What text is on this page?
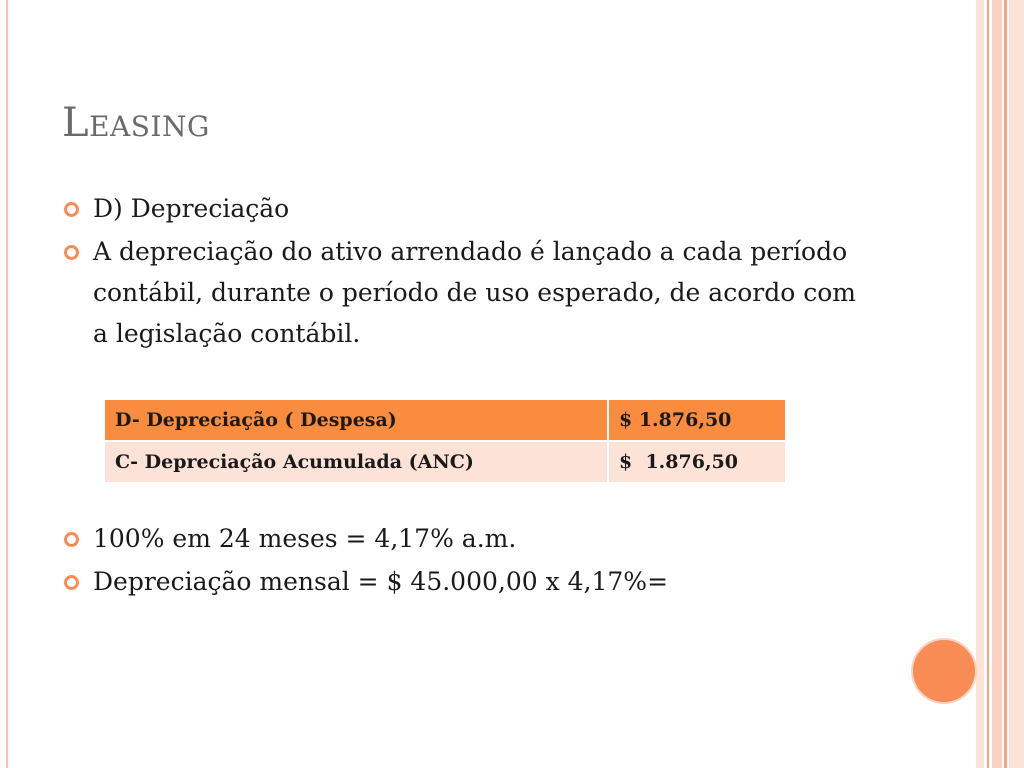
Leasing
D) Depreciação
A depreciação do ativo arrendado é lançado a cada período contábil, durante o período de uso esperado, de acordo com a legislação contábil.
D- Depreciação ( Despesa)	$ 1.876,50
C- Depreciação Acumulada (ANC)	$  1.876,50
100% em 24 meses = 4,17% a.m.
Depreciação mensal = $ 45.000,00 x 4,17%=
